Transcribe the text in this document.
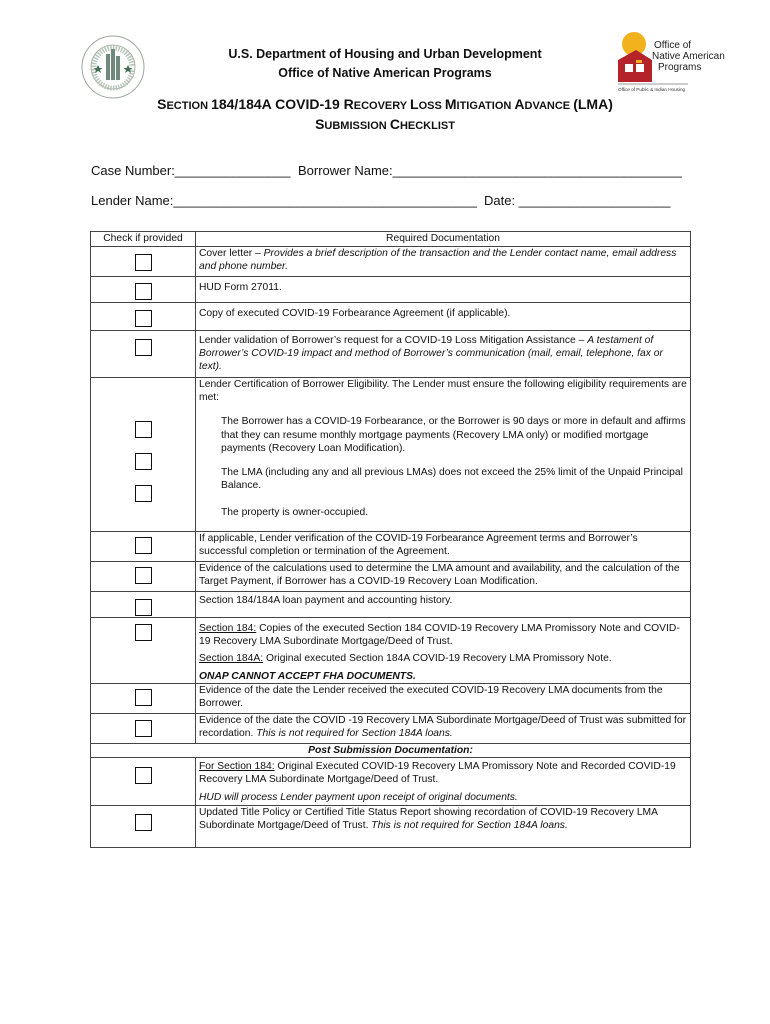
Office of
Native American
Programs
Office of Public & Indian Housing
U.S. Department of Housing and Urban Development
Office of Native American Programs
SECTION 184/184A COVID-19 RECOVERY LOSS MITIGATION ADVANCE (LMA)
SUBMISSION CHECKLIST
Case Number:________________ Borrower Name:________________________________________
Lender Name:__________________________________________ Date: _____________________
Check if provided	Required Documentation

	Cover letter – Provides a brief description of the transaction and the Lender contact name, email address and phone number.

	HUD Form 27011.

	Copy of executed COVID-19 Forbearance Agreement (if applicable).

	Lender validation of Borrower’s request for a COVID-19 Loss Mitigation Assistance – A testament of Borrower’s COVID-19 impact and method of Borrower’s communication (mail, email, telephone, fax or text).

	Lender Certification of Borrower Eligibility. The Lender must ensure the following eligibility requirements are met:
The Borrower has a COVID-19 Forbearance, or the Borrower is 90 days or more in default and affirms that they can resume monthly mortgage payments (Recovery LMA only) or modified mortgage payments (Recovery Loan Modification).
The LMA (including any and all previous LMAs) does not exceed the 25% limit of the Unpaid Principal Balance.
The property is owner-occupied.

	If applicable, Lender verification of the COVID-19 Forbearance Agreement terms and Borrower’s successful completion or termination of the Agreement.

	Evidence of the calculations used to determine the LMA amount and availability, and the calculation of the Target Payment, if Borrower has a COVID-19 Recovery Loan Modification.

	Section 184/184A loan payment and accounting history.

	Section 184: Copies of the executed Section 184 COVID-19 Recovery LMA Promissory Note and COVID-19 Recovery LMA Subordinate Mortgage/Deed of Trust.
Section 184A: Original executed Section 184A COVID-19 Recovery LMA Promissory Note.
ONAP CANNOT ACCEPT FHA DOCUMENTS.

	Evidence of the date the Lender received the executed COVID-19 Recovery LMA documents from the Borrower.

	Evidence of the date the COVID -19 Recovery LMA Subordinate Mortgage/Deed of Trust was submitted for recordation. This is not required for Section 184A loans.
Post Submission Documentation:	

	For Section 184: Original Executed COVID-19 Recovery LMA Promissory Note and Recorded COVID-19 Recovery LMA Subordinate Mortgage/Deed of Trust.
HUD will process Lender payment upon receipt of original documents.

	Updated Title Policy or Certified Title Status Report showing recordation of COVID-19 Recovery LMA Subordinate Mortgage/Deed of Trust. This is not required for Section 184A loans.
